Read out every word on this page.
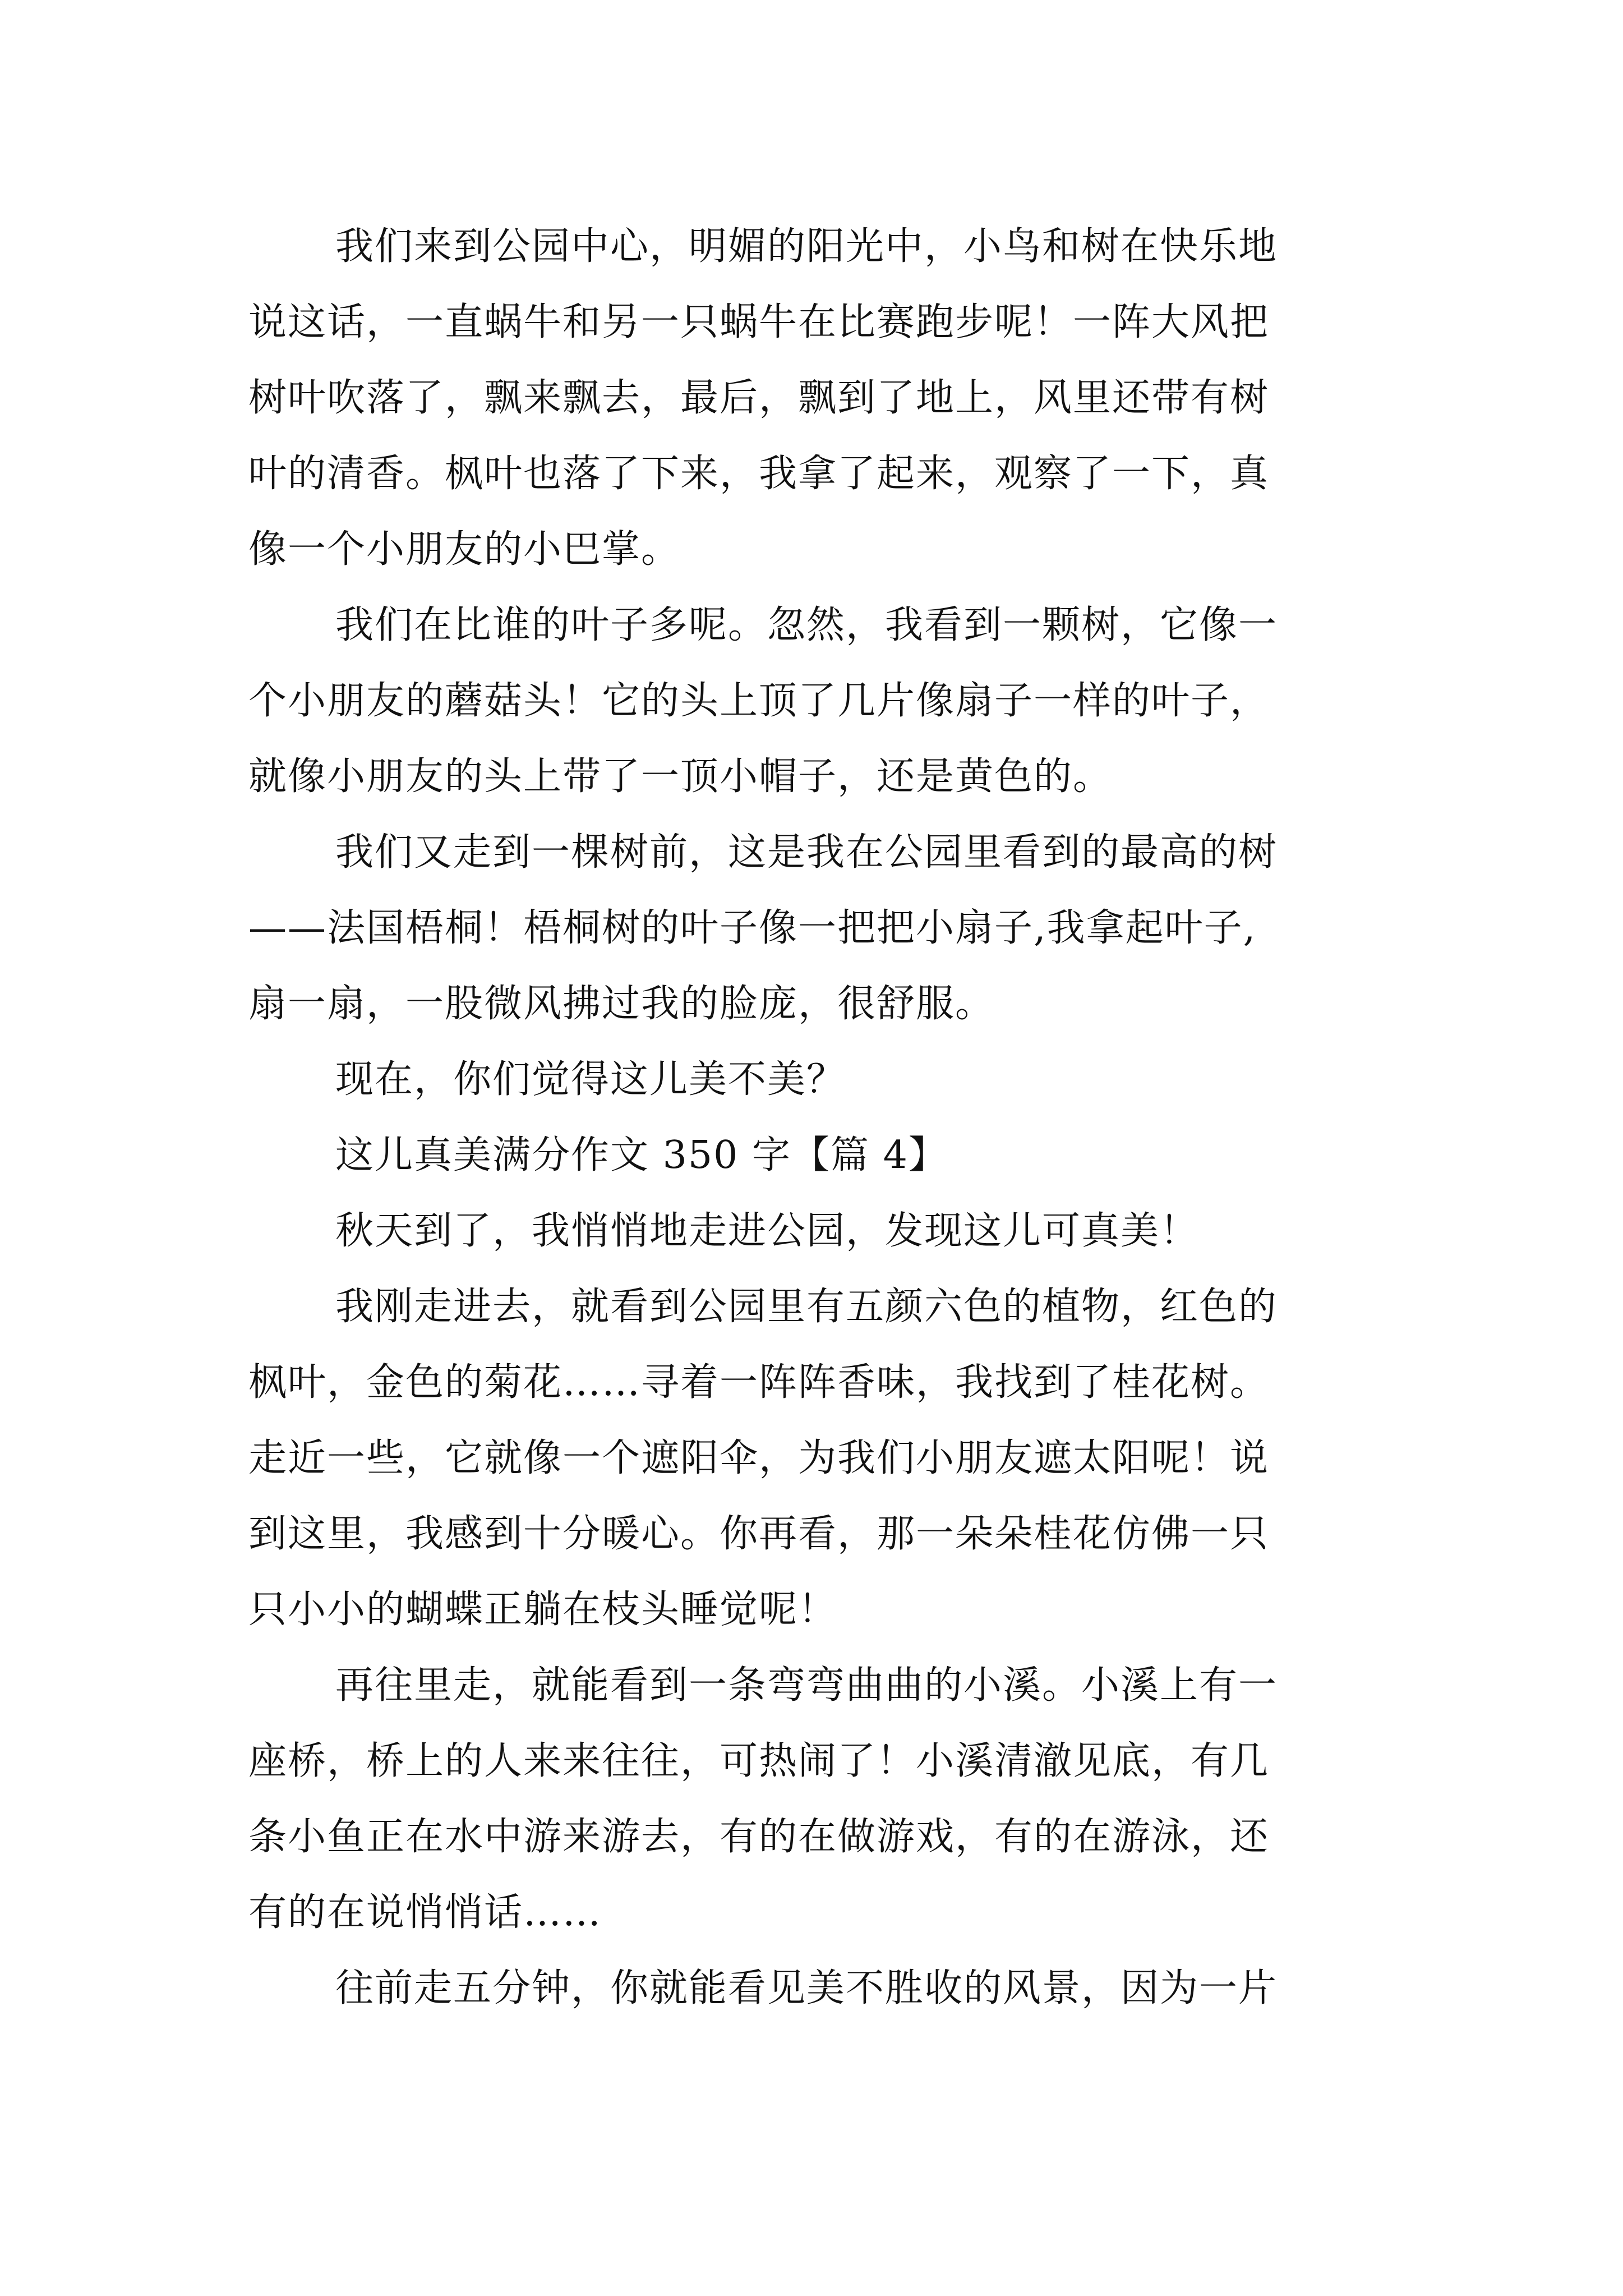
我们来到公园中心，明媚的阳光中，小鸟和树在快乐地
说这话，一直蜗牛和另一只蜗牛在比赛跑步呢！一阵大风把
树叶吹落了，飘来飘去，最后，飘到了地上，风里还带有树
叶的清香。枫叶也落了下来，我拿了起来，观察了一下，真
像一个小朋友的小巴掌。
我们在比谁的叶子多呢。忽然，我看到一颗树，它像一
个小朋友的蘑菇头！它的头上顶了几片像扇子一样的叶子，
就像小朋友的头上带了一顶小帽子，还是黄色的。
我们又走到一棵树前，这是我在公园里看到的最高的树
——法国梧桐！梧桐树的叶子像一把把小扇子,我拿起叶子,
扇一扇，一股微风拂过我的脸庞，很舒服。
现在，你们觉得这儿美不美？
这儿真美满分作文 350 字【篇 4】
秋天到了，我悄悄地走进公园，发现这儿可真美！
我刚走进去，就看到公园里有五颜六色的植物，红色的
枫叶，金色的菊花……寻着一阵阵香味，我找到了桂花树。
走近一些，它就像一个遮阳伞，为我们小朋友遮太阳呢！说
到这里，我感到十分暖心。你再看，那一朵朵桂花仿佛一只
只小小的蝴蝶正躺在枝头睡觉呢！
再往里走，就能看到一条弯弯曲曲的小溪。小溪上有一
座桥，桥上的人来来往往，可热闹了！小溪清澈见底，有几
条小鱼正在水中游来游去，有的在做游戏，有的在游泳，还
有的在说悄悄话……
往前走五分钟，你就能看见美不胜收的风景，因为一片
